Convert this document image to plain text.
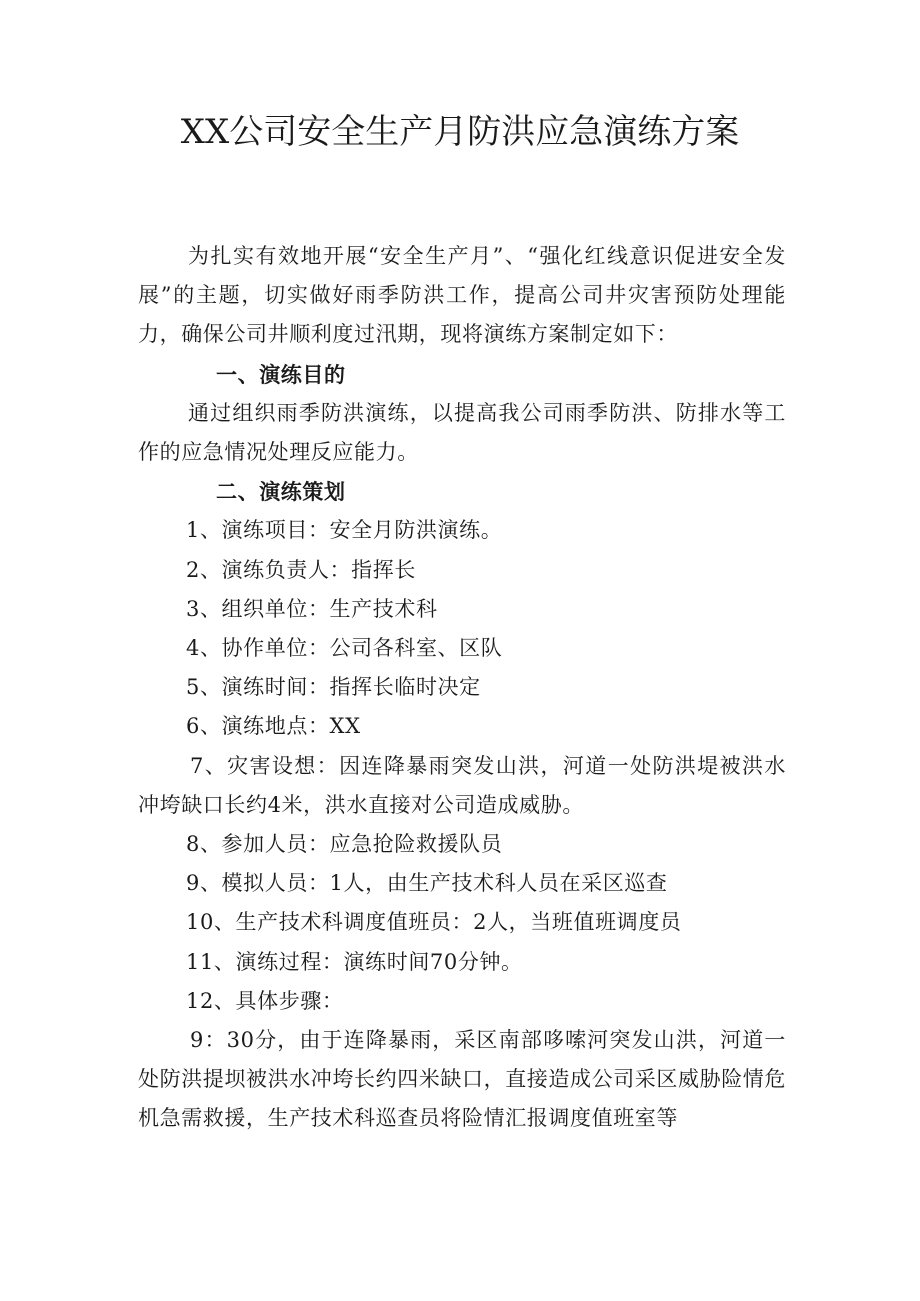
XX公司安全生产月防洪应急演练方案

为扎实有效地开展“安全生产月”、“强化红线意识促进安全发展”的主题，切实做好雨季防洪工作，提高公司井灾害预防处理能力，确保公司井顺利度过汛期，现将演练方案制定如下：

一、演练目的

通过组织雨季防洪演练，以提高我公司雨季防洪、防排水等工作的应急情况处理反应能力。

二、演练策划

1、演练项目：安全月防洪演练。

2、演练负责人：指挥长

3、组织单位：生产技术科

4、协作单位：公司各科室、区队

5、演练时间：指挥长临时决定

6、演练地点：XX

7、灾害设想：因连降暴雨突发山洪，河道一处防洪堤被洪水冲垮缺口长约4米，洪水直接对公司造成威胁。

8、参加人员：应急抢险救援队员

9、模拟人员：1人，由生产技术科人员在采区巡查

10、生产技术科调度值班员：2人，当班值班调度员

11、演练过程：演练时间70分钟。

12、具体步骤：

9：30分，由于连降暴雨，采区南部哆嗦河突发山洪，河道一处防洪提坝被洪水冲垮长约四米缺口，直接造成公司采区威胁险情危机急需救援，生产技术科巡查员将险情汇报调度值班室等
